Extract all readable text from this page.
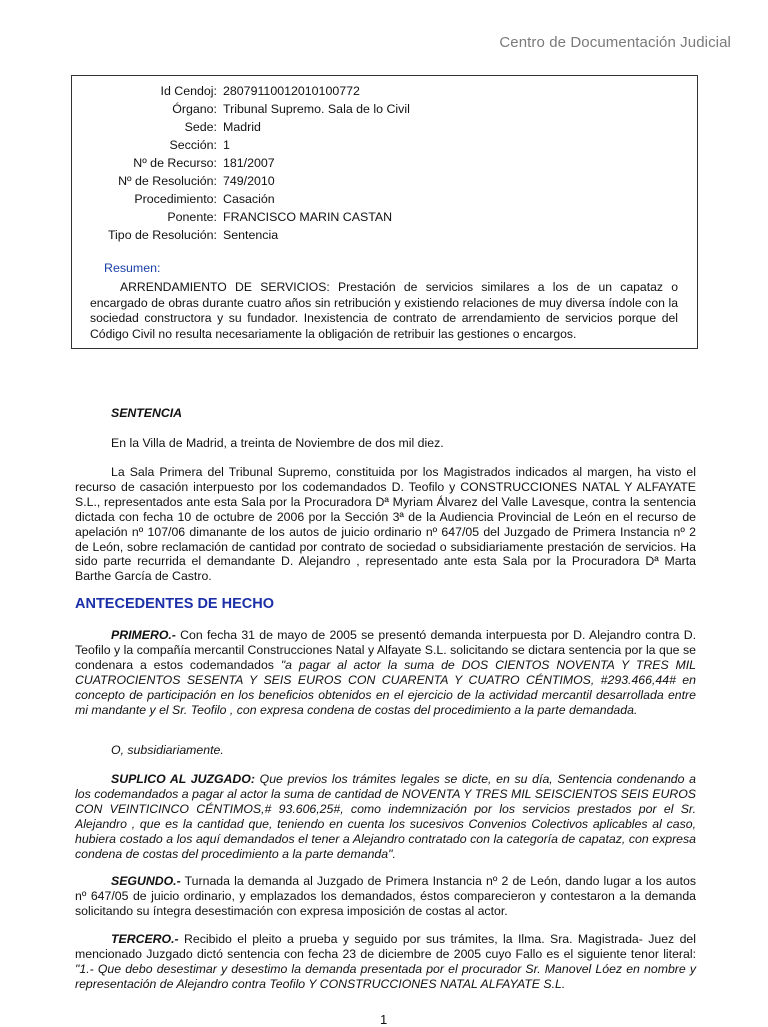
Centro de Documentación Judicial
Id Cendoj: 28079110012010100772
Órgano: Tribunal Supremo. Sala de lo Civil
Sede: Madrid
Sección: 1
Nº de Recurso: 181/2007
Nº de Resolución: 749/2010
Procedimiento: Casación
Ponente: FRANCISCO MARIN CASTAN
Tipo de Resolución: Sentencia
Resumen:
ARRENDAMIENTO DE SERVICIOS: Prestación de servicios similares a los de un capataz o encargado de obras durante cuatro años sin retribución y existiendo relaciones de muy diversa índole con la sociedad constructora y su fundador. Inexistencia de contrato de arrendamiento de servicios porque del Código Civil no resulta necesariamente la obligación de retribuir las gestiones o encargos.
SENTENCIA
En la Villa de Madrid, a treinta de Noviembre de dos mil diez.
La Sala Primera del Tribunal Supremo, constituida por los Magistrados indicados al margen, ha visto el recurso de casación interpuesto por los codemandados D. Teofilo y CONSTRUCCIONES NATAL Y ALFAYATE S.L., representados ante esta Sala por la Procuradora Dª Myriam Álvarez del Valle Lavesque, contra la sentencia dictada con fecha 10 de octubre de 2006 por la Sección 3ª de la Audiencia Provincial de León en el recurso de apelación nº 107/06 dimanante de los autos de juicio ordinario nº 647/05 del Juzgado de Primera Instancia nº 2 de León, sobre reclamación de cantidad por contrato de sociedad o subsidiariamente prestación de servicios. Ha sido parte recurrida el demandante D. Alejandro , representado ante esta Sala por la Procuradora Dª Marta Barthe García de Castro.
ANTECEDENTES DE HECHO
PRIMERO.- Con fecha 31 de mayo de 2005 se presentó demanda interpuesta por D. Alejandro contra D. Teofilo y la compañía mercantil Construcciones Natal y Alfayate S.L. solicitando se dictara sentencia por la que se condenara a estos codemandados "a pagar al actor la suma de DOS CIENTOS NOVENTA Y TRES MIL CUATROCIENTOS SESENTA Y SEIS EUROS CON CUARENTA Y CUATRO CÉNTIMOS, #293.466,44# en concepto de participación en los beneficios obtenidos en el ejercicio de la actividad mercantil desarrollada entre mi mandante y el Sr. Teofilo , con expresa condena de costas del procedimiento a la parte demandada.
O, subsidiariamente.
SUPLICO AL JUZGADO: Que previos los trámites legales se dicte, en su día, Sentencia condenando a los codemandados a pagar al actor la suma de cantidad de NOVENTA Y TRES MIL SEISCIENTOS SEIS EUROS CON VEINTICINCO CÉNTIMOS,# 93.606,25#, como indemnización por los servicios prestados por el Sr. Alejandro , que es la cantidad que, teniendo en cuenta los sucesivos Convenios Colectivos aplicables al caso, hubiera costado a los aquí demandados el tener a Alejandro contratado con la categoría de capataz, con expresa condena de costas del procedimiento a la parte demanda".
SEGUNDO.- Turnada la demanda al Juzgado de Primera Instancia nº 2 de León, dando lugar a los autos nº 647/05 de juicio ordinario, y emplazados los demandados, éstos comparecieron y contestaron a la demanda solicitando su íntegra desestimación con expresa imposición de costas al actor.
TERCERO.- Recibido el pleito a prueba y seguido por sus trámites, la Ilma. Sra. Magistrada- Juez del mencionado Juzgado dictó sentencia con fecha 23 de diciembre de 2005 cuyo Fallo es el siguiente tenor literal: "1.- Que debo desestimar y desestimo la demanda presentada por el procurador Sr. Manovel Lóez en nombre y representación de Alejandro contra Teofilo Y CONSTRUCCIONES NATAL ALFAYATE S.L.
1
